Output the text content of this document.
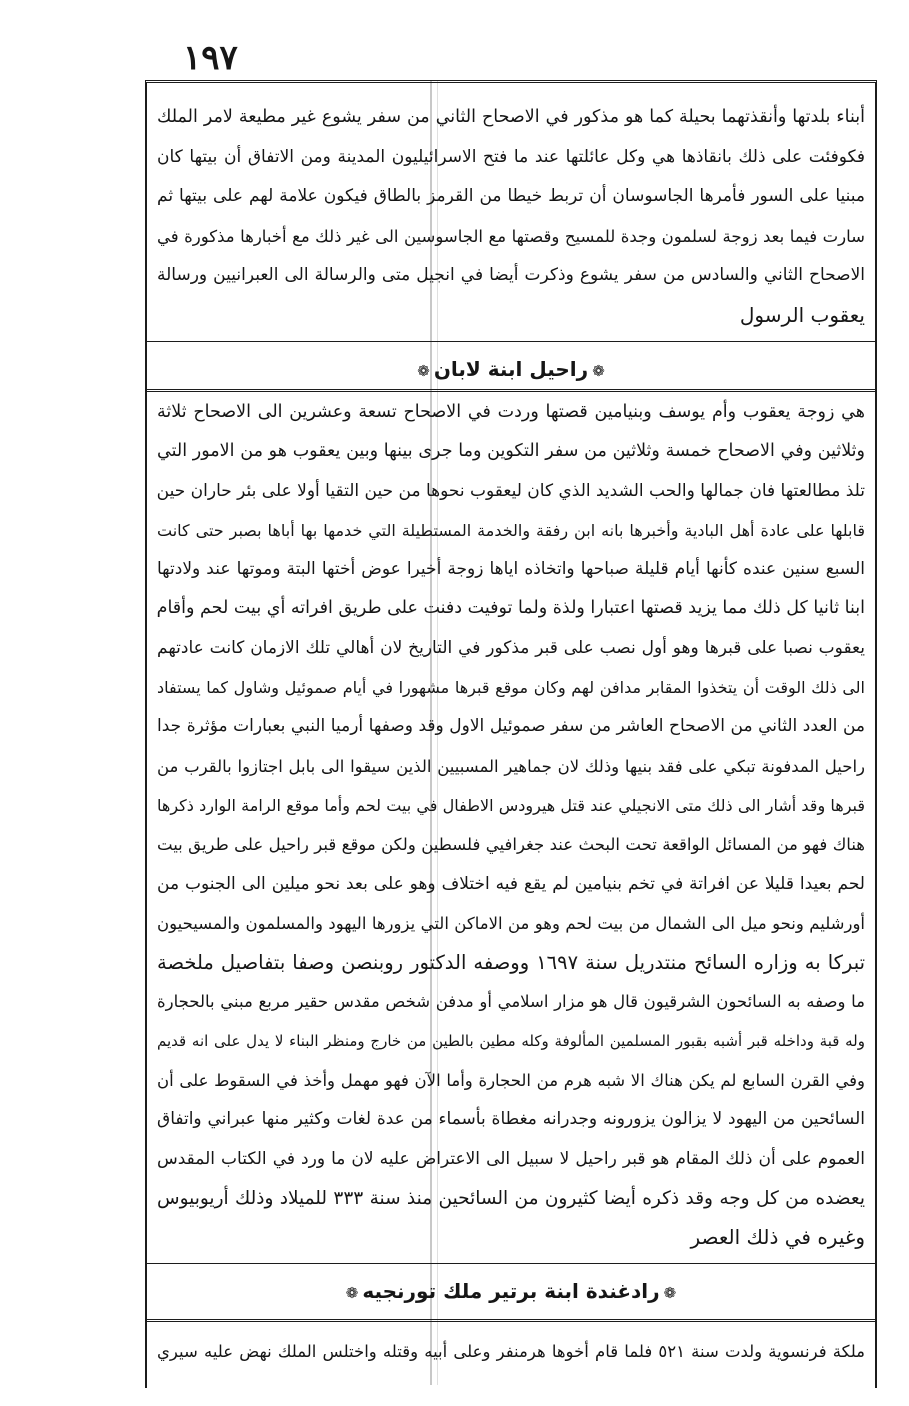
١٩٧
أبناء بلدتها وأنقذتهما بحيلة كما هو مذكور في الاصحاح الثاني من سفر يشوع غير مطيعة لامر الملك
فكوفئت على ذلك بانقاذها هي وكل عائلتها عند ما فتح الاسرائيليون المدينة ومن الاتفاق أن بيتها كان
مبنيا على السور فأمرها الجاسوسان أن تربط خيطا من القرمز بالطاق فيكون علامة لهم على بيتها ثم
سارت فيما بعد زوجة لسلمون وجدة للمسيح وقصتها مع الجاسوسين الى غير ذلك مع أخبارها مذكورة في
الاصحاح الثاني والسادس من سفر يشوع وذكرت أيضا في انجيل متى والرسالة الى العبرانيين ورسالة
يعقوب الرسول
❁راحيل ابنة لابان❁
هي زوجة يعقوب وأم يوسف وبنيامين قصتها وردت في الاصحاح تسعة وعشرين الى الاصحاح ثلاثة
وثلاثين وفي الاصحاح خمسة وثلاثين من سفر التكوين وما جرى بينها وبين يعقوب هو من الامور التي
تلذ مطالعتها فان جمالها والحب الشديد الذي كان ليعقوب نحوها من حين التقيا أولا على بئر حاران حين
قابلها على عادة أهل البادية وأخبرها بانه ابن رفقة والخدمة المستطيلة التي خدمها بها أباها بصبر حتى كانت
السبع سنين عنده كأنها أيام قليلة صباحها واتخاذه اياها زوجة أخيرا عوض أختها البتة وموتها عند ولادتها
ابنا ثانيا كل ذلك مما يزيد قصتها اعتبارا ولذة ولما توفيت دفنت على طريق افراته أي بيت لحم وأقام
يعقوب نصبا على قبرها وهو أول نصب على قبر مذكور في التاريخ لان أهالي تلك الازمان كانت عادتهم
الى ذلك الوقت أن يتخذوا المقابر مدافن لهم وكان موقع قبرها مشهورا في أيام صموئيل وشاول كما يستفاد
من العدد الثاني من الاصحاح العاشر من سفر صموئيل الاول وقد وصفها أرميا النبي بعبارات مؤثرة جدا
راحيل المدفونة تبكي على فقد بنيها وذلك لان جماهير المسبيين الذين سيقوا الى بابل اجتازوا بالقرب من
قبرها وقد أشار الى ذلك متى الانجيلي عند قتل هيرودس الاطفال في بيت لحم وأما موقع الرامة الوارد ذكرها
هناك فهو من المسائل الواقعة تحت البحث عند جغرافيي فلسطين ولكن موقع قبر راحيل على طريق بيت
لحم بعيدا قليلا عن افراتة في تخم بنيامين لم يقع فيه اختلاف وهو على بعد نحو ميلين الى الجنوب من
أورشليم ونحو ميل الى الشمال من بيت لحم وهو من الاماكن التي يزورها اليهود والمسلمون والمسيحيون
تبركا به وزاره السائح منتدريل سنة ١٦٩٧ ووصفه الدكتور روبنصن وصفا بتفاصيل ملخصة
ما وصفه به السائحون الشرقيون قال هو مزار اسلامي أو مدفن شخص مقدس حقير مربع مبني بالحجارة
وله قبة وداخله قبر أشبه بقبور المسلمين المألوفة وكله مطين بالطين من خارج ومنظر البناء لا يدل على انه قديم
وفي القرن السابع لم يكن هناك الا شبه هرم من الحجارة وأما الآن فهو مهمل وأخذ في السقوط على أن
السائحين من اليهود لا يزالون يزورونه وجدرانه مغطاة بأسماء من عدة لغات وكثير منها عبراني واتفاق
العموم على أن ذلك المقام هو قبر راحيل لا سبيل الى الاعتراض عليه لان ما ورد في الكتاب المقدس
يعضده من كل وجه وقد ذكره أيضا كثيرون من السائحين منذ سنة ٣٣٣ للميلاد وذلك أريوبيوس
وغيره في ذلك العصر
❁رادغندة ابنة برتير ملك تورنجيه❁
ملكة فرنسوية ولدت سنة ٥٢١ فلما قام أخوها هرمنفر وعلى أبيه وقتله واختلس الملك نهض عليه سيري
